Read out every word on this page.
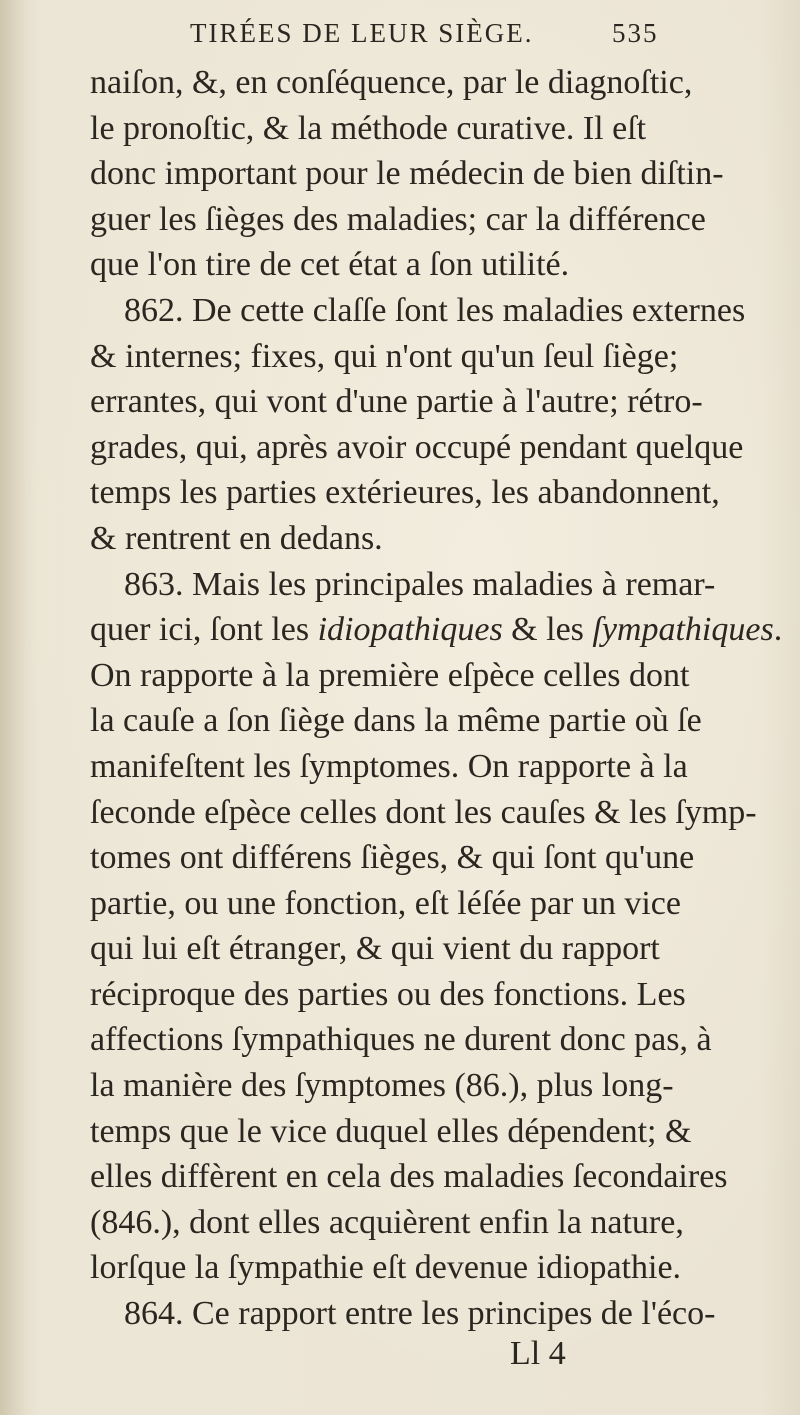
TIRÉES DE LEUR SIÈGE.	535
naiſon, &, en conſéquence, par le diagnoſtic,
le pronoſtic, & la méthode curative. Il eſt
donc important pour le médecin de bien diſtin-
guer les ſièges des maladies; car la différence
que l'on tire de cet état a ſon utilité.
862. De cette claſſe ſont les maladies externes
& internes; fixes, qui n'ont qu'un ſeul ſiège;
errantes, qui vont d'une partie à l'autre; rétro-
grades, qui, après avoir occupé pendant quelque
temps les parties extérieures, les abandonnent,
& rentrent en dedans.
863. Mais les principales maladies à remar-
quer ici, ſont les idiopathiques & les ſympathiques.
On rapporte à la première eſpèce celles dont
la cauſe a ſon ſiège dans la même partie où ſe
manifeſtent les ſymptomes. On rapporte à la
ſeconde eſpèce celles dont les cauſes & les ſymp-
tomes ont différens ſièges, & qui ſont qu'une
partie, ou une fonction, eſt léſée par un vice
qui lui eſt étranger, & qui vient du rapport
réciproque des parties ou des fonctions. Les
affections ſympathiques ne durent donc pas, à
la manière des ſymptomes (86.), plus long-
temps que le vice duquel elles dépendent; &
elles diffèrent en cela des maladies ſecondaires
(846.), dont elles acquièrent enfin la nature,
lorſque la ſympathie eſt devenue idiopathie.
864. Ce rapport entre les principes de l'éco-
Ll 4
